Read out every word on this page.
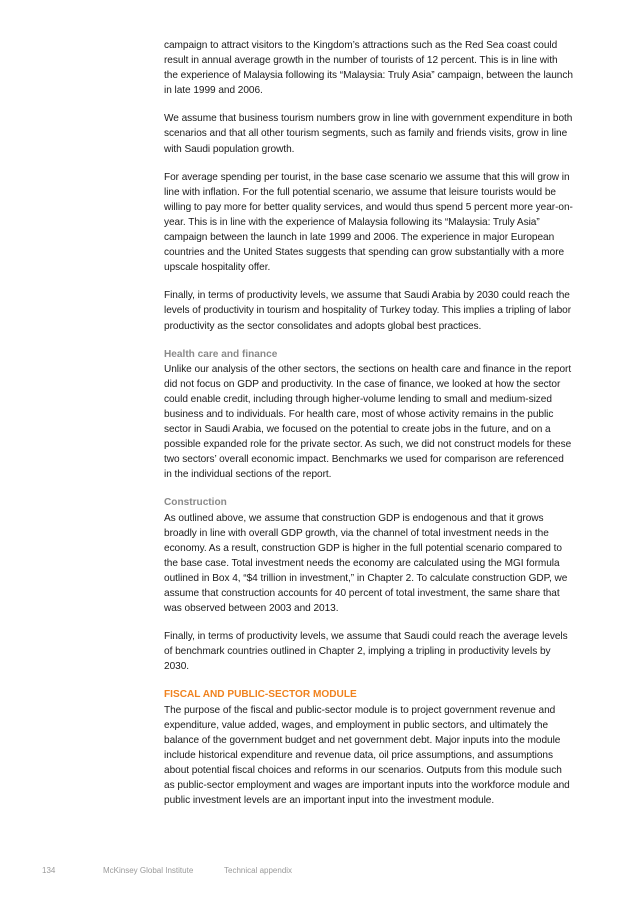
campaign to attract visitors to the Kingdom’s attractions such as the Red Sea coast could result in annual average growth in the number of tourists of 12 percent. This is in line with the experience of Malaysia following its “Malaysia: Truly Asia” campaign, between the launch in late 1999 and 2006.

We assume that business tourism numbers grow in line with government expenditure in both scenarios and that all other tourism segments, such as family and friends visits, grow in line with Saudi population growth.

For average spending per tourist, in the base case scenario we assume that this will grow in line with inflation. For the full potential scenario, we assume that leisure tourists would be willing to pay more for better quality services, and would thus spend 5 percent more year-on-year. This is in line with the experience of Malaysia following its “Malaysia: Truly Asia” campaign between the launch in late 1999 and 2006. The experience in major European countries and the United States suggests that spending can grow substantially with a more upscale hospitality offer.

Finally, in terms of productivity levels, we assume that Saudi Arabia by 2030 could reach the levels of productivity in tourism and hospitality of Turkey today. This implies a tripling of labor productivity as the sector consolidates and adopts global best practices.

Health care and finance

Unlike our analysis of the other sectors, the sections on health care and finance in the report did not focus on GDP and productivity. In the case of finance, we looked at how the sector could enable credit, including through higher-volume lending to small and medium-sized business and to individuals. For health care, most of whose activity remains in the public sector in Saudi Arabia, we focused on the potential to create jobs in the future, and on a possible expanded role for the private sector. As such, we did not construct models for these two sectors’ overall economic impact. Benchmarks we used for comparison are referenced in the individual sections of the report.

Construction

As outlined above, we assume that construction GDP is endogenous and that it grows broadly in line with overall GDP growth, via the channel of total investment needs in the economy. As a result, construction GDP is higher in the full potential scenario compared to the base case. Total investment needs the economy are calculated using the MGI formula outlined in Box 4, “$4 trillion in investment,” in Chapter 2. To calculate construction GDP, we assume that construction accounts for 40 percent of total investment, the same share that was observed between 2003 and 2013.

Finally, in terms of productivity levels, we assume that Saudi could reach the average levels of benchmark countries outlined in Chapter 2, implying a tripling in productivity levels by 2030.

FISCAL AND PUBLIC-SECTOR MODULE

The purpose of the fiscal and public-sector module is to project government revenue and expenditure, value added, wages, and employment in public sectors, and ultimately the balance of the government budget and net government debt. Major inputs into the module include historical expenditure and revenue data, oil price assumptions, and assumptions about potential fiscal choices and reforms in our scenarios. Outputs from this module such as public-sector employment and wages are important inputs into the workforce module and public investment levels are an important input into the investment module.

134	McKinsey Global Institute	Technical appendix
